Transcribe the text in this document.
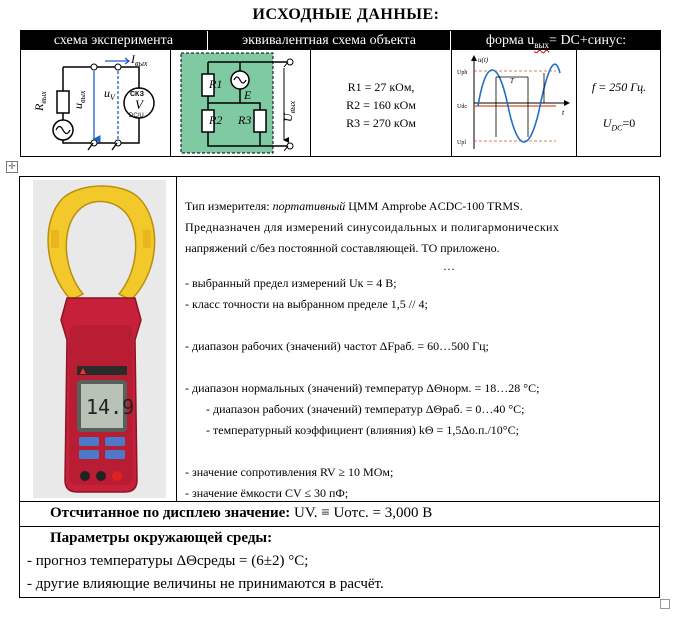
ИСХОДНЫЕ ДАННЫЕ:
схема эксперимента	эквивалентная схема объекта	форма $u_{вых}=$ DC+синус:
$R_{вых}$
$I_{вых}$
$u_{вых}$ $u_V$ СКЗ
V
DC/U
R1
R2 R3
E
$U_{вых}$
R1 = 27 кОм,
R2 = 160 кОм
R3 = 270 кОм
u(t)
t
Uph
Udc
Upl
T	f = 250 Гц.
$U_{DC}=0$
✛
14.9

Тип измерителя: портативный ЦММ Amprobe ACDC-100 TRMS.

Предназначен для измерений синусоидальных и полигармонических

напряжений с/без постоянной составляющей. ТО приложено.

…

- выбранный предел измерений Uк = 4 В;

- класс точности на выбранном пределе 1,5 // 4;

- диапазон рабочих (значений) частот ΔFраб. = 60…500 Гц;

- диапазон нормальных (значений) температур ΔΘнорм. = 18…28 °С;

- диапазон рабочих (значений) температур ΔΘраб. = 0…40 °С;

- температурный коэффициент (влияния) kΘ = 1,5Δо.п./10°С;

- значение сопротивления RV ≥ 10 МОм;

- значение ёмкости CV ≤ 30 пФ;

Отсчитанное по дисплею значение: UV. ≡ Uотс. = 3,000 В
Параметры окружающей среды:
- прогноз температуры ΔΘсреды = (6±2) °С;
- другие влияющие величины не принимаются в расчёт.
